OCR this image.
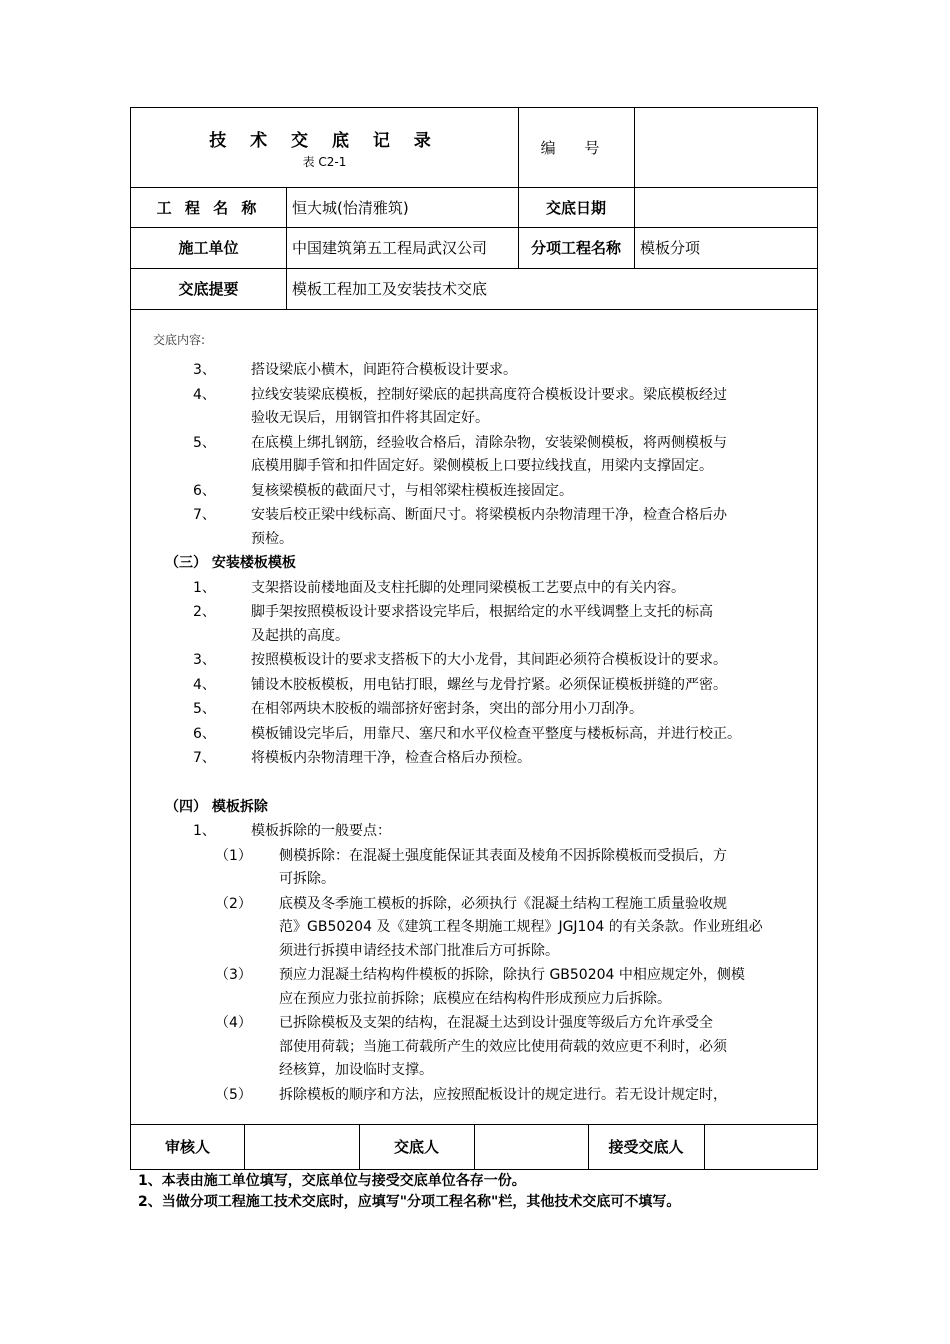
技 术 交 底 记 录
表 C2-1
编 号
工 程 名 称	恒大城(怡清雅筑)	交底日期
施工单位	中国建筑第五工程局武汉公司	分项工程名称	模板分项
交底提要	模板工程加工及安装技术交底
交底内容:
3、	搭设梁底小横木，间距符合模板设计要求。
4、	拉线安装梁底模板，控制好梁底的起拱高度符合模板设计要求。梁底模板经过
验收无误后，用钢管扣件将其固定好。
5、	在底模上绑扎钢筋，经验收合格后，清除杂物，安装梁侧模板，将两侧模板与
底模用脚手管和扣件固定好。梁侧模板上口要拉线找直，用梁内支撑固定。
6、	复核梁模板的截面尺寸，与相邻梁柱模板连接固定。
7、	安装后校正梁中线标高、断面尺寸。将梁模板内杂物清理干净，检查合格后办
预检。
（三） 安装楼板模板
1、	支架搭设前楼地面及支柱托脚的处理同梁模板工艺要点中的有关内容。
2、	脚手架按照模板设计要求搭设完毕后，根据给定的水平线调整上支托的标高
及起拱的高度。
3、	按照模板设计的要求支搭板下的大小龙骨，其间距必须符合模板设计的要求。
4、	铺设木胶板模板，用电钻打眼，螺丝与龙骨拧紧。必须保证模板拼缝的严密。
5、	在相邻两块木胶板的端部挤好密封条，突出的部分用小刀刮净。
6、	模板铺设完毕后，用靠尺、塞尺和水平仪检查平整度与楼板标高，并进行校正。
7、	将模板内杂物清理干净，检查合格后办预检。
（四） 模板拆除
1、	模板拆除的一般要点：
（1） 侧模拆除：在混凝土强度能保证其表面及棱角不因拆除模板而受损后，方
可拆除。
（2） 底模及冬季施工模板的拆除，必须执行《混凝土结构工程施工质量验收规
范》GB50204 及《建筑工程冬期施工规程》JGJ104 的有关条款。作业班组必
须进行拆摸申请经技术部门批准后方可拆除。
（3） 预应力混凝土结构构件模板的拆除，除执行 GB50204 中相应规定外，侧模
应在预应力张拉前拆除；底模应在结构构件形成预应力后拆除。
（4） 已拆除模板及支架的结构，在混凝土达到设计强度等级后方允许承受全
部使用荷载；当施工荷载所产生的效应比使用荷载的效应更不利时，必须
经核算，加设临时支撑。
（5） 拆除模板的顺序和方法，应按照配板设计的规定进行。若无设计规定时，
审核人	交底人	接受交底人
1、本表由施工单位填写，交底单位与接受交底单位各存一份。
2、当做分项工程施工技术交底时，应填写"分项工程名称"栏，其他技术交底可不填写。
